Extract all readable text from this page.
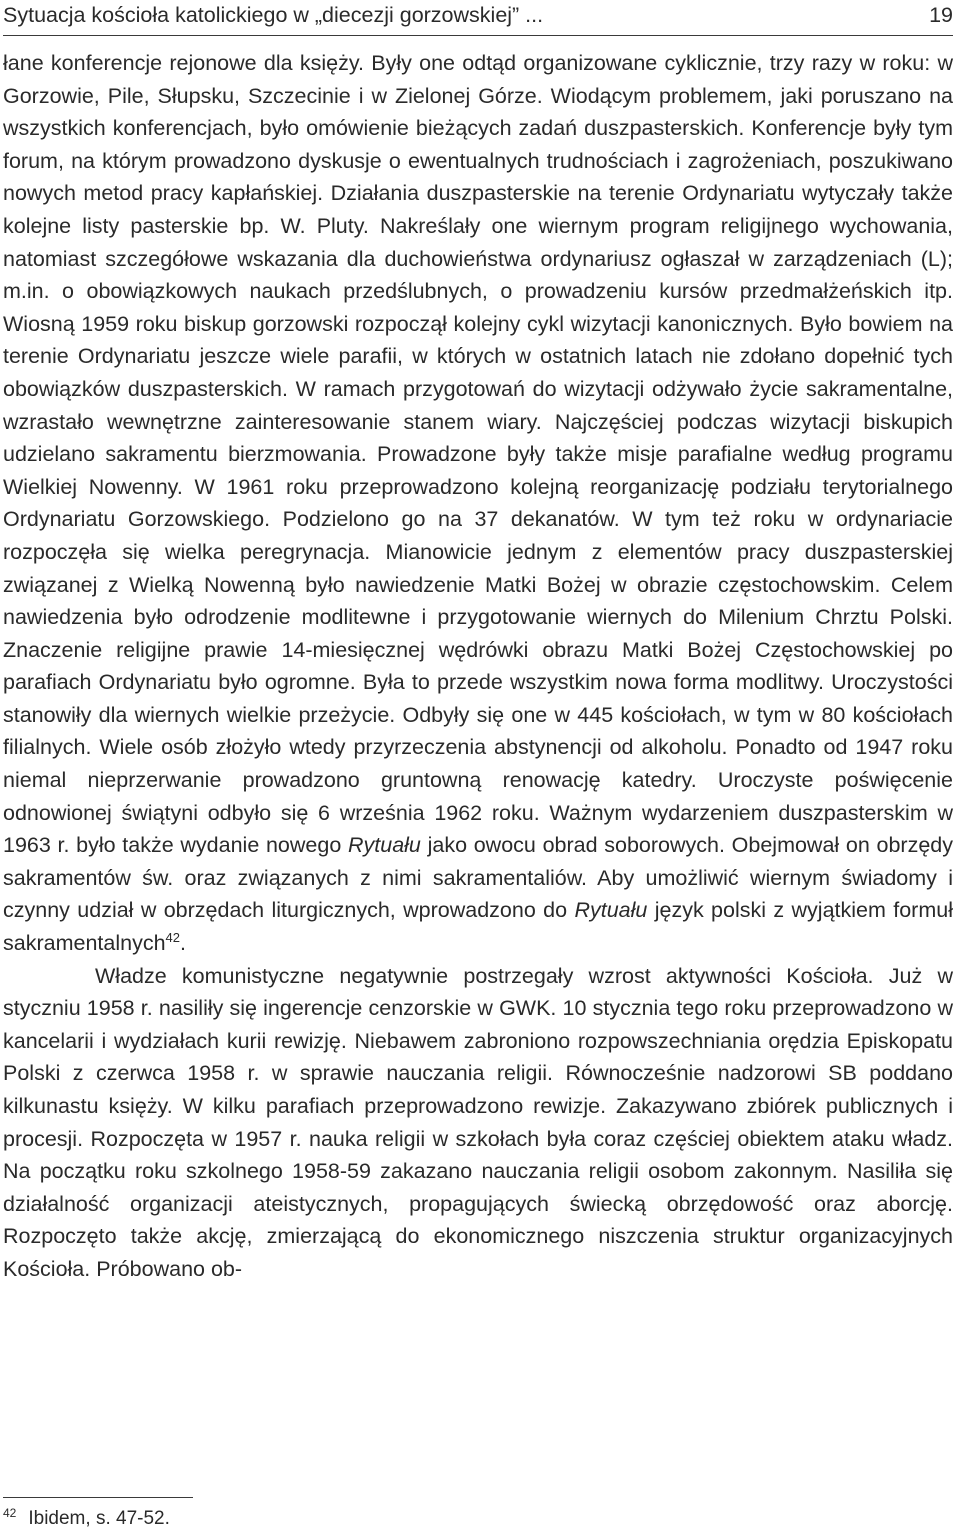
Sytuacja kościoła katolickiego w „diecezji gorzowskiej” ...	19

łane konferencje rejonowe dla księży. Były one odtąd organizowane cyklicznie, trzy razy w roku: w Gorzowie, Pile, Słupsku, Szczecinie i w Zielonej Górze. Wiodącym problemem, jaki poruszano na wszystkich konferencjach, było omówienie bieżących zadań duszpasterskich. Konferencje były tym forum, na którym prowadzono dyskusje o ewentualnych trudnościach i zagrożeniach, poszukiwano nowych metod pracy kapłańskiej. Działania duszpasterskie na terenie Ordynariatu wytyczały także kolejne listy pasterskie bp. W. Pluty. Nakreślały one wiernym program religijnego wychowania, natomiast szczegółowe wskazania dla duchowieństwa ordynariusz ogłaszał w zarządzeniach (L); m.in. o obowiązkowych naukach przedślubnych, o prowadzeniu kursów przedmałżeńskich itp. Wiosną 1959 roku biskup gorzowski rozpoczął kolejny cykl wizytacji kanonicznych. Było bowiem na terenie Ordynariatu jeszcze wiele parafii, w których w ostatnich latach nie zdołano dopełnić tych obowiązków duszpasterskich. W ramach przygotowań do wizytacji odżywało życie sakramentalne, wzrastało wewnętrzne zainteresowanie stanem wiary. Najczęściej podczas wizytacji biskupich udzielano sakramentu bierzmowania. Prowadzone były także misje parafialne według programu Wielkiej Nowenny. W 1961 roku przeprowadzono kolejną reorganizację podziału terytorialnego Ordynariatu Gorzowskiego. Podzielono go na 37 dekanatów. W tym też roku w ordynariacie rozpoczęła się wielka peregrynacja. Mianowicie jednym z elementów pracy duszpasterskiej związanej z Wielką Nowenną było nawiedzenie Matki Bożej w obrazie częstochowskim. Celem nawiedzenia było odrodzenie modlitewne i przygotowanie wiernych do Milenium Chrztu Polski. Znaczenie religijne prawie 14-miesięcznej wędrówki obrazu Matki Bożej Częstochowskiej po parafiach Ordynariatu było ogromne. Była to przede wszystkim nowa forma modlitwy. Uroczystości stanowiły dla wiernych wielkie przeżycie. Odbyły się one w 445 kościołach, w tym w 80 kościołach filialnych. Wiele osób złożyło wtedy przyrzeczenia abstynencji od alkoholu. Ponadto od 1947 roku niemal nieprzerwanie prowadzono gruntowną renowację katedry. Uroczyste poświęcenie odnowionej świątyni odbyło się 6 września 1962 roku. Ważnym wydarzeniem duszpasterskim w 1963 r. było także wydanie nowego Rytuału jako owocu obrad soborowych. Obejmował on obrzędy sakramentów św. oraz związanych z nimi sakramentaliów. Aby umożliwić wiernym świadomy i czynny udział w obrzędach liturgicznych, wprowadzono do Rytuału język polski z wyjątkiem formuł sakramentalnych$^{42}$.

Władze komunistyczne negatywnie postrzegały wzrost aktywności Kościoła. Już w styczniu 1958 r. nasiliły się ingerencje cenzorskie w GWK. 10 stycznia tego roku przeprowadzono w kancelarii i wydziałach kurii rewizję. Niebawem zabroniono rozpowszechniania orędzia Episkopatu Polski z czerwca 1958 r. w sprawie nauczania religii. Równocześnie nadzorowi SB poddano kilkunastu księży. W kilku parafiach przeprowadzono rewizje. Zakazywano zbiórek publicznych i procesji. Rozpoczęta w 1957 r. nauka religii w szkołach była coraz częściej obiektem ataku władz. Na początku roku szkolnego 1958-59 zakazano nauczania religii osobom zakonnym. Nasiliła się działalność organizacji ateistycznych, propagujących świecką obrzędowość oraz aborcję. Rozpoczęto także akcję, zmierzającą do ekonomicznego niszczenia struktur organizacyjnych Kościoła. Próbowano ob-

$^{42}$ Ibidem, s. 47-52.
